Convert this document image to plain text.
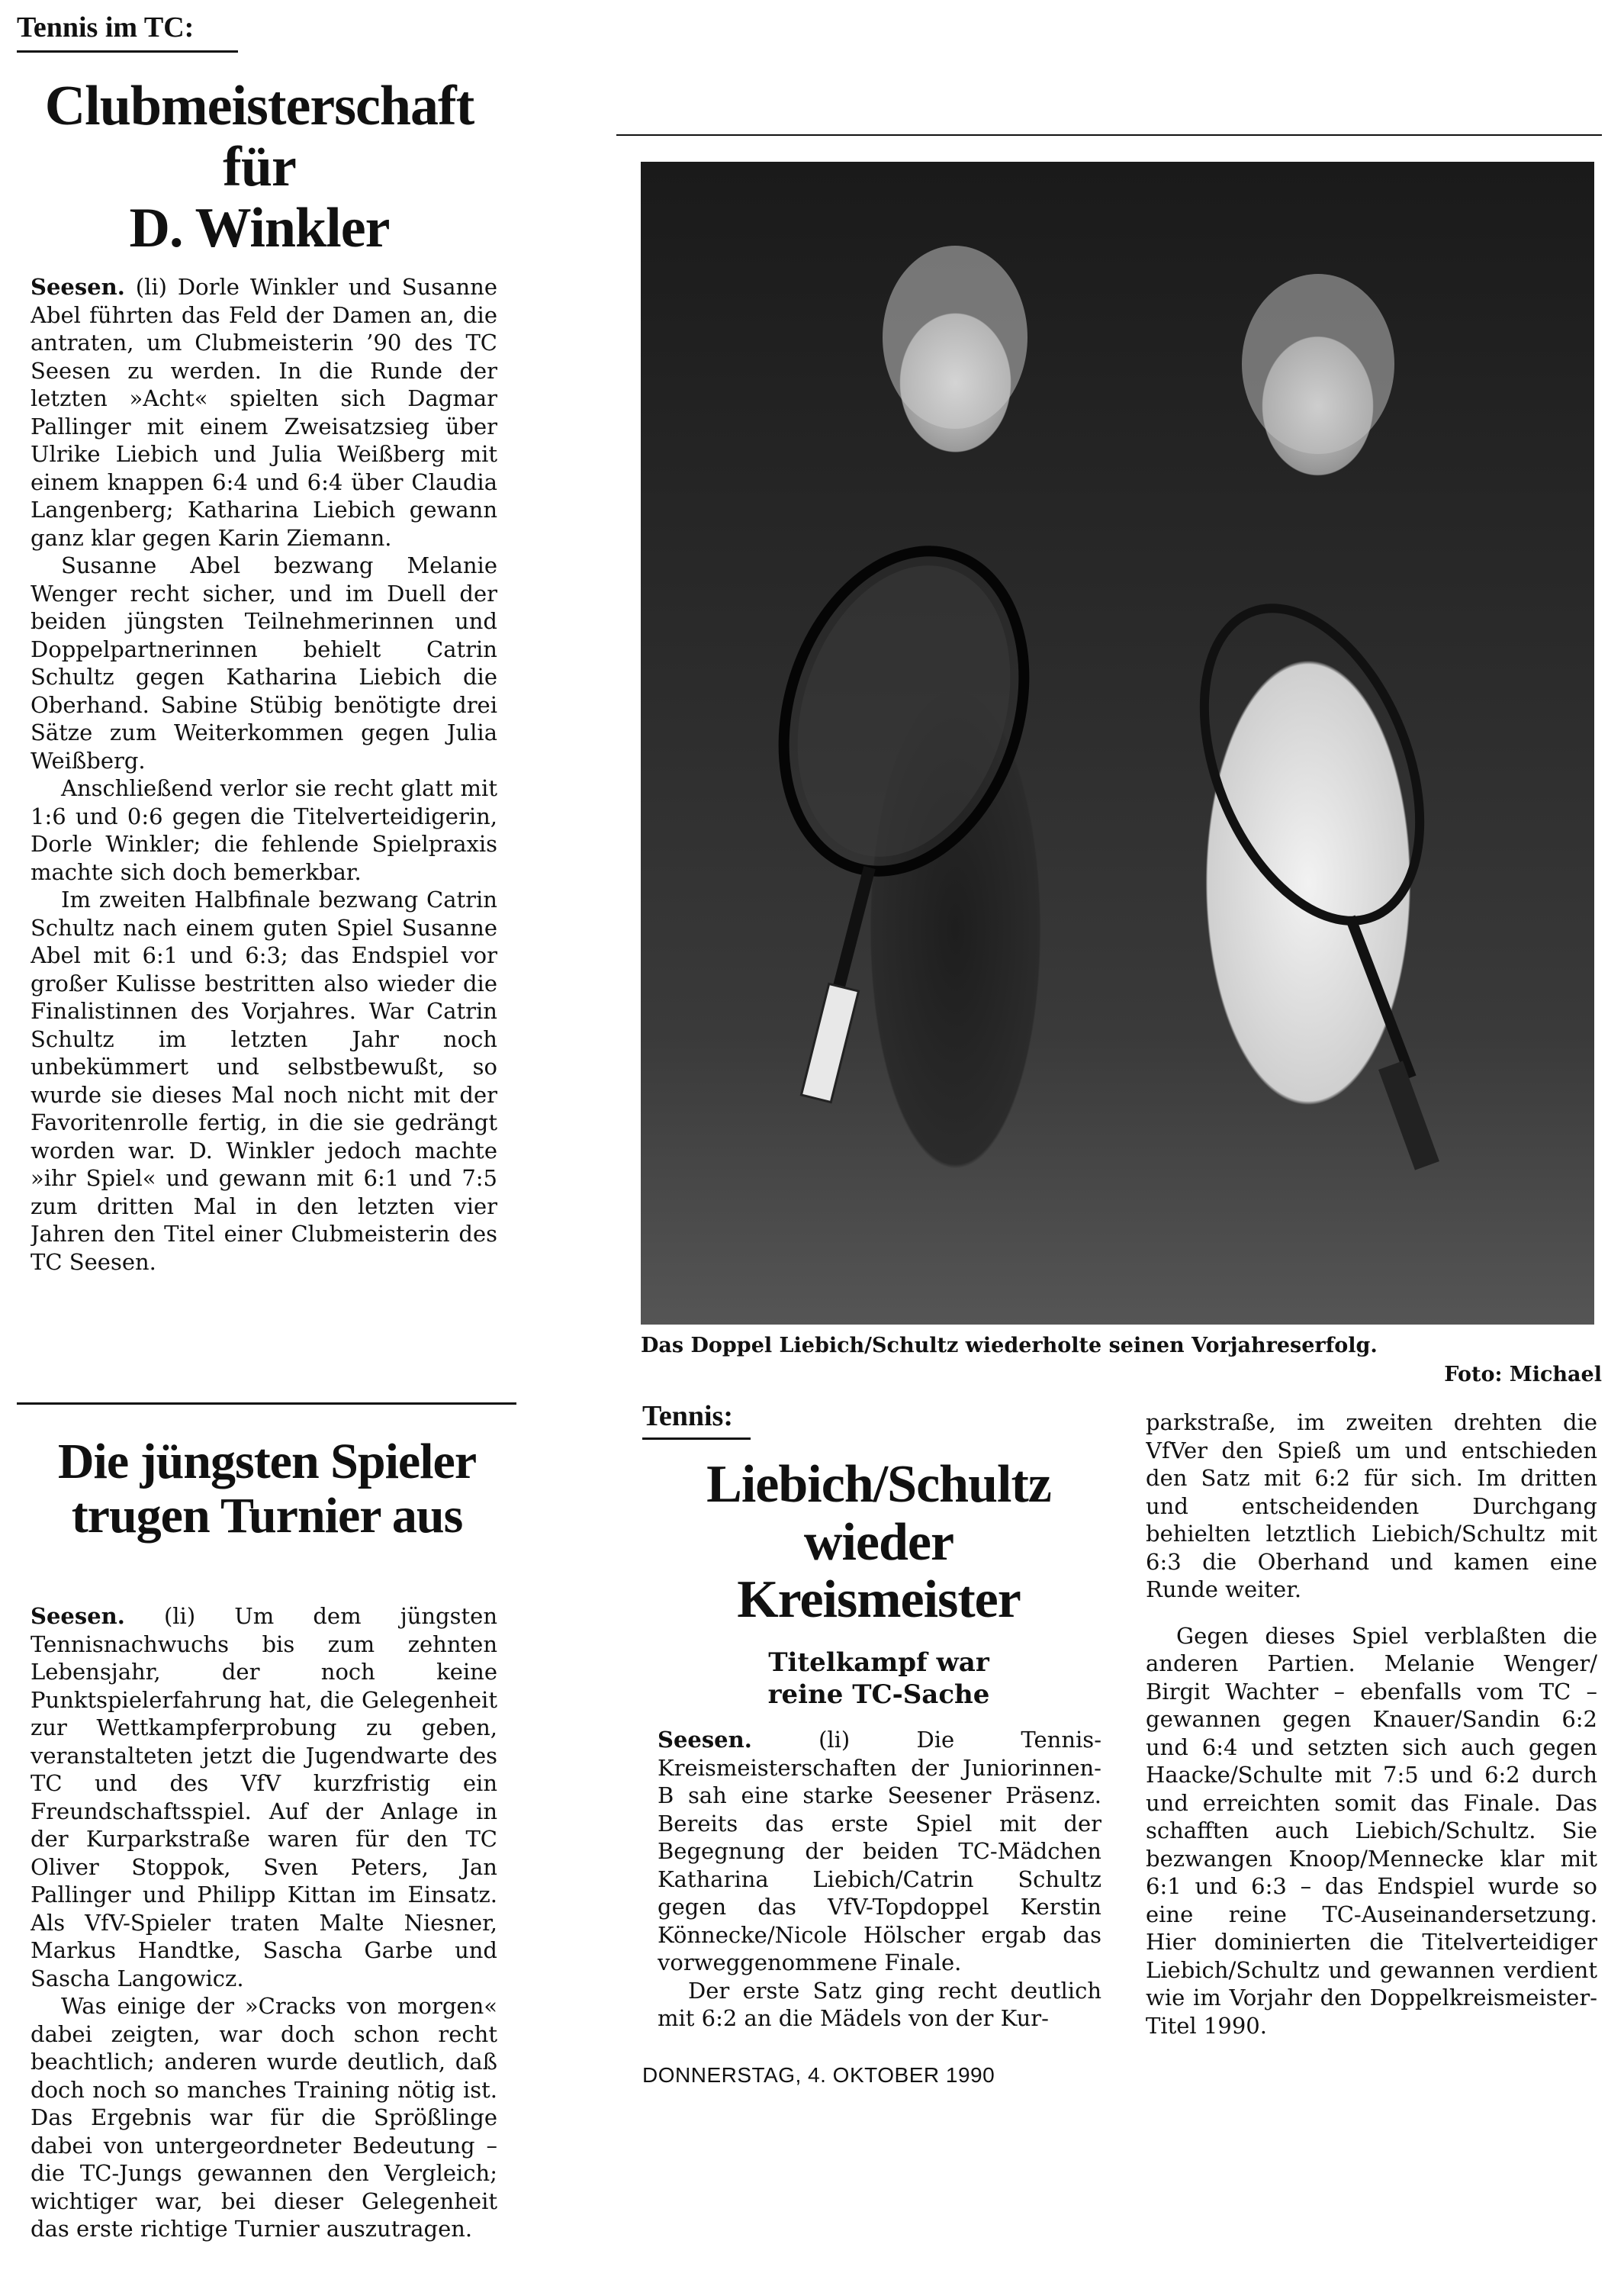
Tennis im TC:
Clubmeisterschaft
für
D. Winkler

Seesen. (li) Dorle Winkler und Susanne Abel führten das Feld der Damen an, die antraten, um Clubmeisterin ’90 des TC Seesen zu werden. In die Runde der letzten »Acht« spielten sich Dagmar Pallinger mit einem Zweisatzsieg über Ulrike Liebich und Julia Weißberg mit einem knappen 6:4 und 6:4 über Claudia Langenberg; Katharina Liebich gewann ganz klar gegen Karin Ziemann.

Susanne Abel bezwang Melanie Wenger recht sicher, und im Duell der beiden jüngsten Teilnehmerinnen und Doppelpartnerinnen behielt Catrin Schultz gegen Katharina Liebich die Oberhand. Sabine Stübig benötigte drei Sätze zum Weiterkommen gegen Julia Weißberg.

Anschließend verlor sie recht glatt mit 1:6 und 0:6 gegen die Titelverteidigerin, Dorle Winkler; die fehlende Spielpraxis machte sich doch bemerkbar.

Im zweiten Halbfinale bezwang Catrin Schultz nach einem guten Spiel Susanne Abel mit 6:1 und 6:3; das Endspiel vor großer Kulisse bestritten also wieder die Finalistinnen des Vorjahres. War Catrin Schultz im letzten Jahr noch unbekümmert und selbstbewußt, so wurde sie dieses Mal noch nicht mit der Favoritenrolle fertig, in die sie gedrängt worden war. D. Winkler jedoch machte »ihr Spiel« und gewann mit 6:1 und 7:5 zum dritten Mal in den letzten vier Jahren den Titel einer Clubmeisterin des TC Seesen.

Die jüngsten Spieler
trugen Turnier aus

Seesen. (li) Um dem jüngsten Tennisnachwuchs bis zum zehnten Lebensjahr, der noch keine Punktspielerfahrung hat, die Gelegenheit zur Wettkampferprobung zu geben, veranstalteten jetzt die Jugendwarte des TC und des VfV kurzfristig ein Freundschaftsspiel. Auf der Anlage in der Kurparkstraße waren für den TC Oliver Stoppok, Sven Peters, Jan Pallinger und Philipp Kittan im Einsatz. Als VfV-Spieler traten Malte Niesner, Markus Handtke, Sascha Garbe und Sascha Langowicz.

Was einige der »Cracks von morgen« dabei zeigten, war doch schon recht beachtlich; anderen wurde deutlich, daß doch noch so manches Training nötig ist. Das Ergebnis war für die Sprößlinge dabei von untergeordneter Bedeutung – die TC-Jungs gewannen den Vergleich; wichtiger war, bei dieser Gelegenheit das erste richtige Turnier auszutragen.

Das Doppel Liebich/Schultz wiederholte seinen Vorjahreserfolg.
Foto: Michael
Tennis:
Liebich/Schultz
wieder
Kreismeister
Titelkampf war
reine TC-Sache

Seesen.	(li) Die Tennis-Kreismeisterschaften der Juniorinnen-B sah eine starke Seesener Präsenz. Bereits das erste Spiel mit der Begegnung der beiden TC-Mädchen Katharina Liebich/Catrin Schultz gegen das VfV-Topdoppel Kerstin Könnecke/Nicole Hölscher ergab das vorweggenommene Finale.

Der erste Satz ging recht deutlich mit 6:2 an die Mädels von der Kur-

parkstraße, im zweiten drehten die VfVer den Spieß um und entschieden den Satz mit 6:2 für sich. Im dritten und entscheidenden Durchgang behielten letztlich Liebich/Schultz mit 6:3 die Oberhand und kamen eine Runde weiter.

Gegen dieses Spiel verblaßten die anderen Partien. Melanie Wenger/ Birgit Wachter – ebenfalls vom TC – gewannen gegen Knauer/Sandin 6:2 und 6:4 und setzten sich auch gegen Haacke/Schulte mit 7:5 und 6:2 durch und erreichten somit das Finale. Das schafften auch Liebich/Schultz. Sie bezwangen Knoop/Mennecke klar mit 6:1 und 6:3 – das Endspiel wurde so eine reine TC-Auseinandersetzung. Hier dominierten die Titelverteidiger Liebich/Schultz und gewannen verdient wie im Vorjahr den Doppelkreismeister-Titel 1990.

DONNERSTAG, 4. OKTOBER 1990
